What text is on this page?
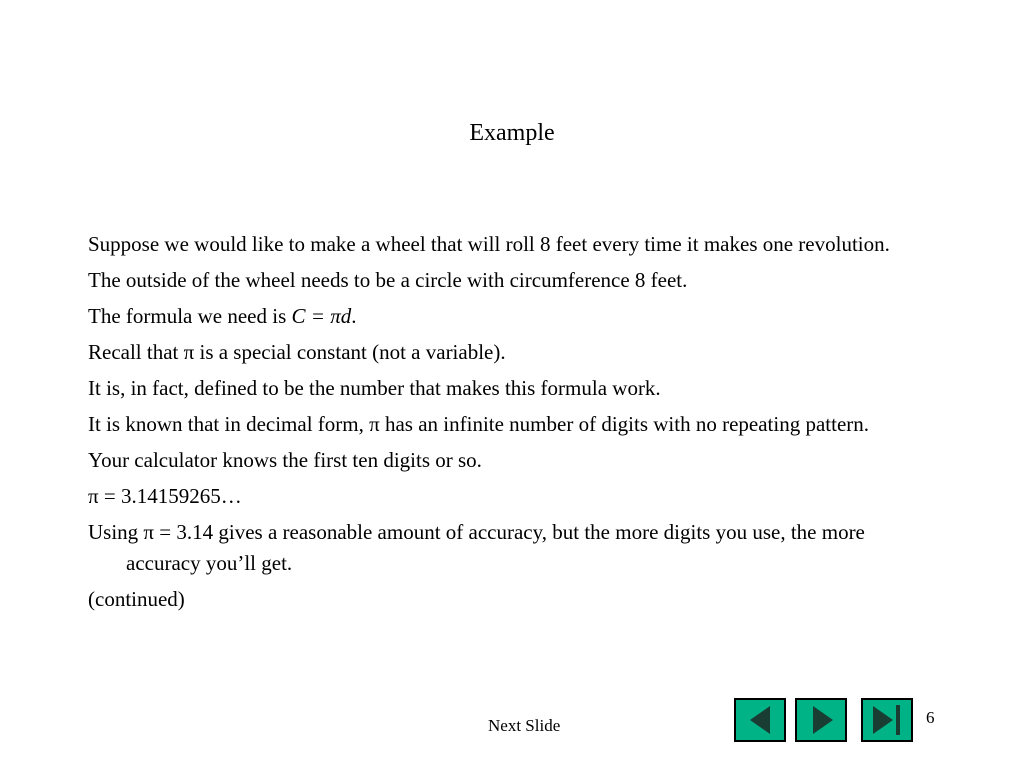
Example
Suppose we would like to make a wheel that will roll 8 feet every time it makes one revolution.
The outside of the wheel needs to be a circle with circumference 8 feet.
The formula we need is C = πd.
Recall that π is a special constant (not a variable).
It is, in fact, defined to be the number that makes this formula work.
It is known that in decimal form, π has an infinite number of digits with no repeating pattern.
Your calculator knows the first ten digits or so.
π = 3.14159265…
Using π = 3.14 gives a reasonable amount of accuracy, but the more digits you use, the more accuracy you’ll get.
(continued)
Next Slide	6
